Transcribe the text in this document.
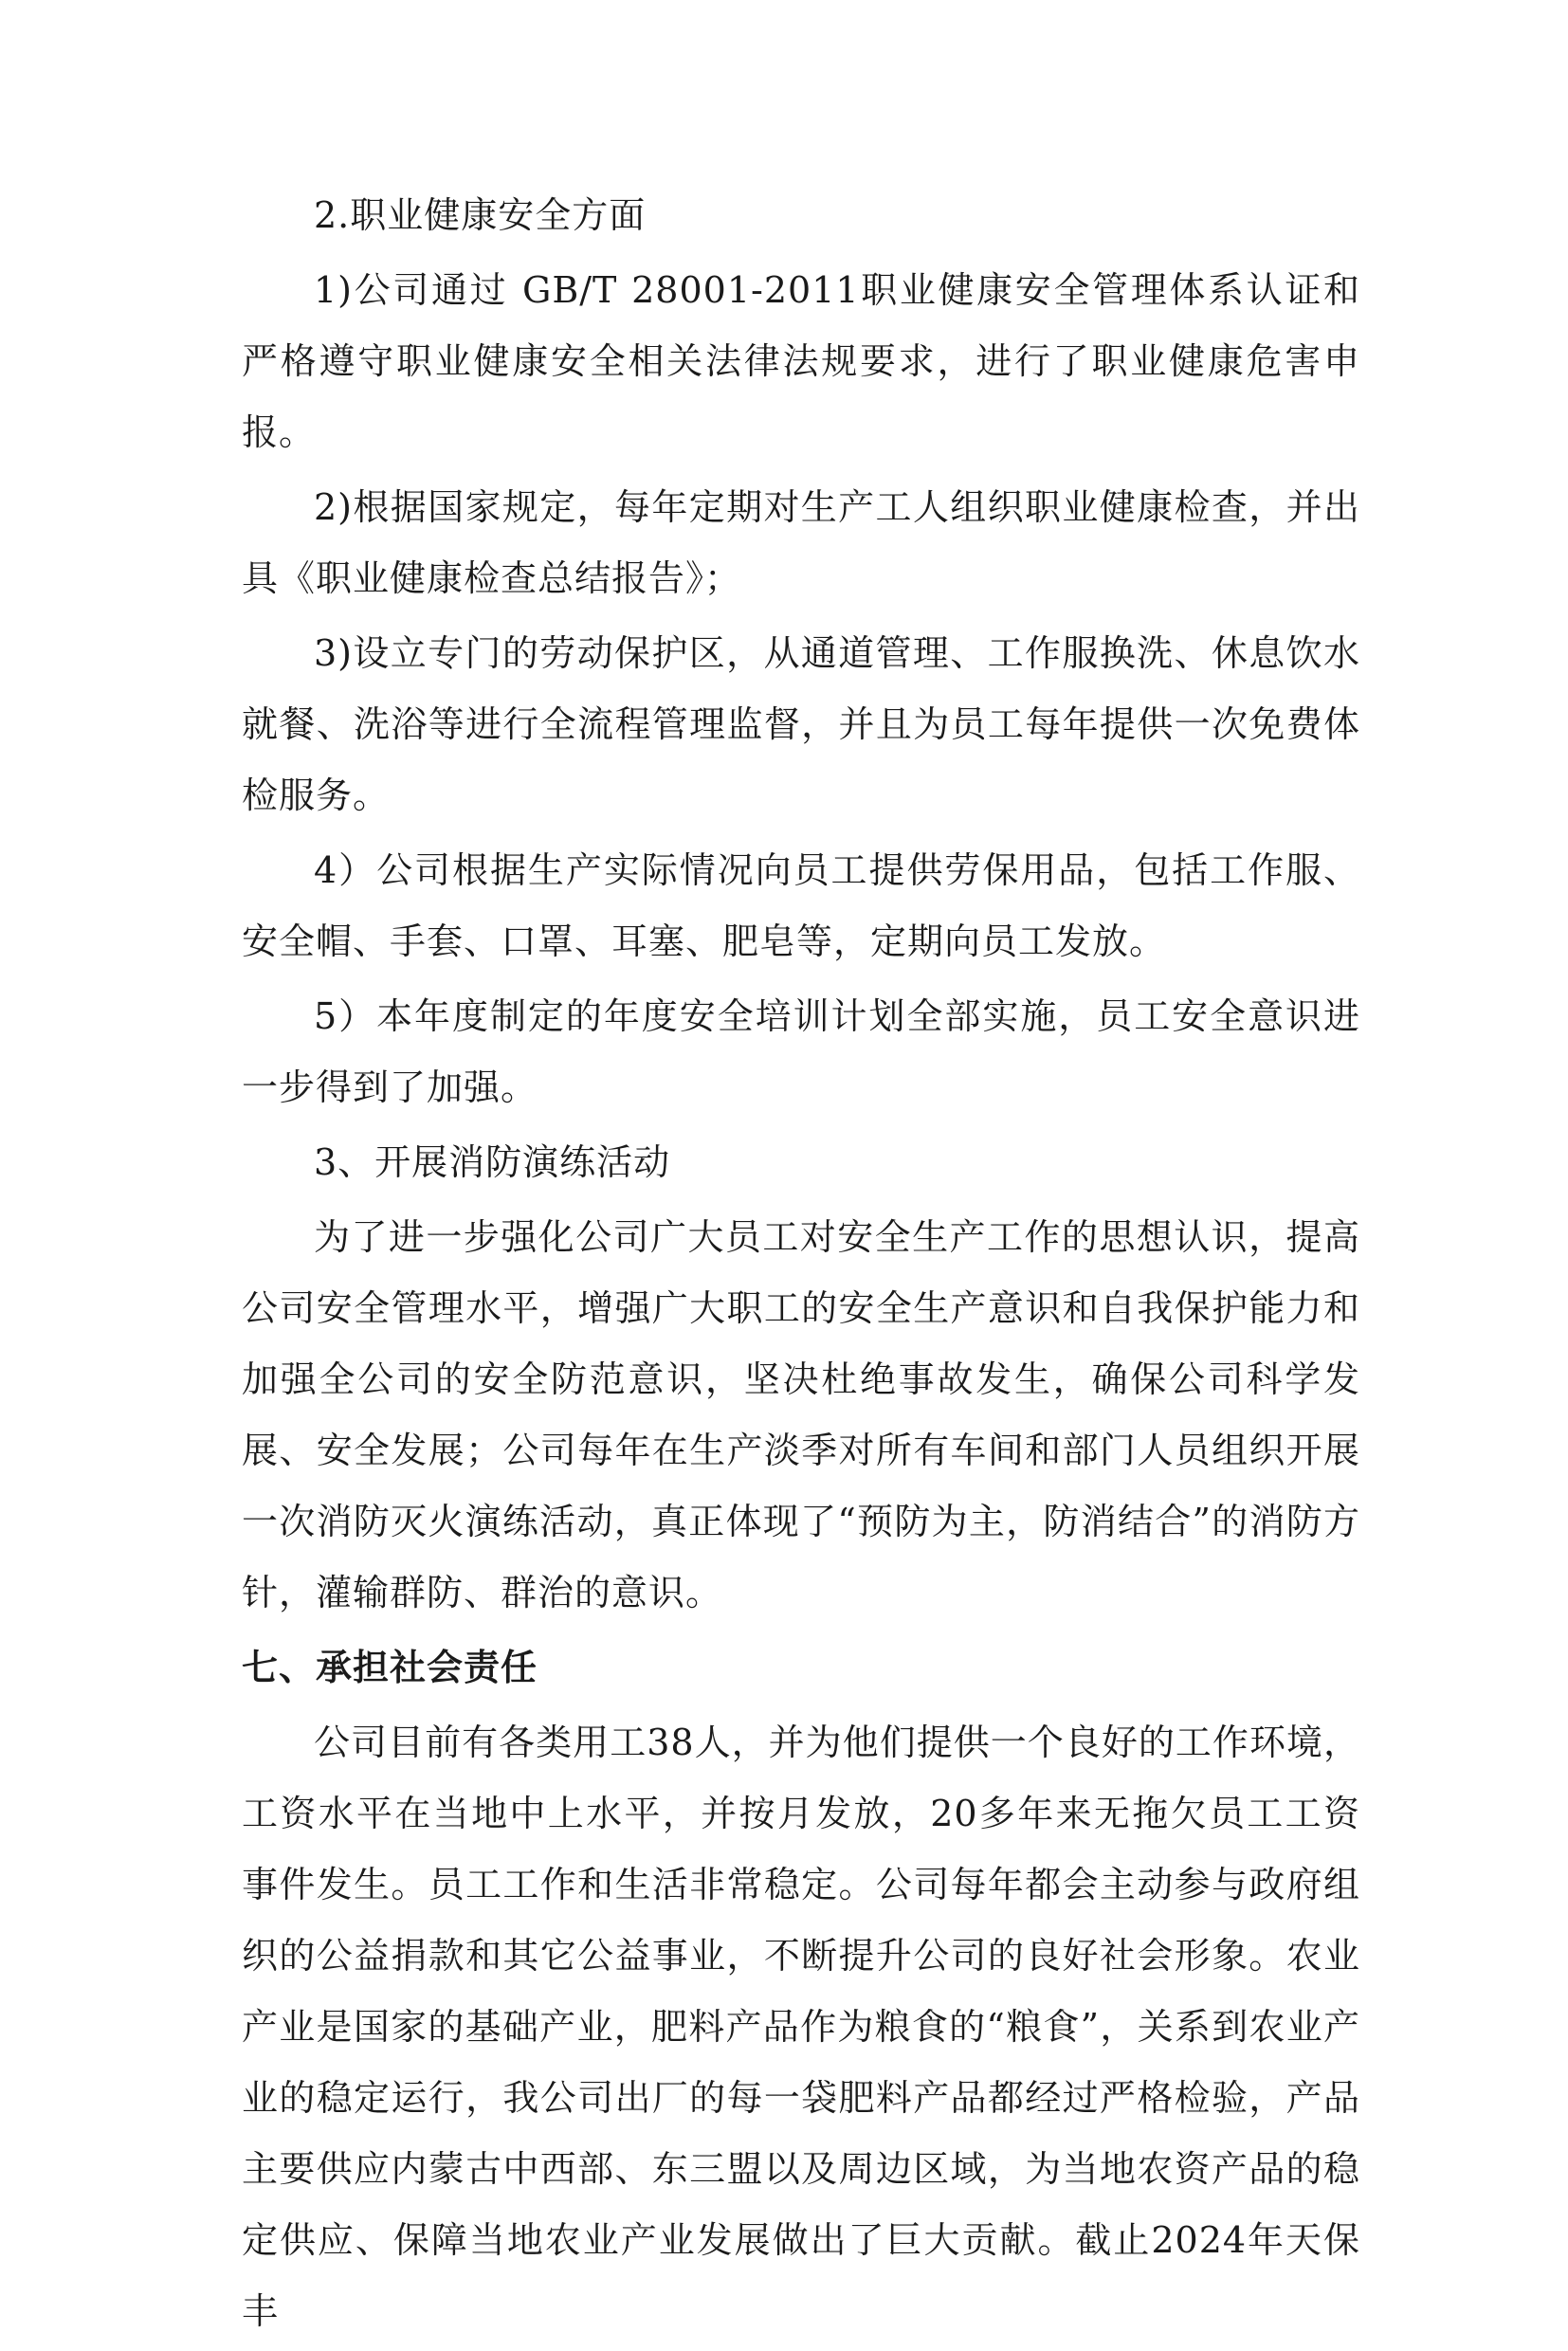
2.职业健康安全方面

1)公司通过 GB/T 28001-2011职业健康安全管理体系认证和严格遵守职业健康安全相关法律法规要求，进行了职业健康危害申报。

2)根据国家规定，每年定期对生产工人组织职业健康检查，并出具《职业健康检查总结报告》；

3)设立专门的劳动保护区，从通道管理、工作服换洗、休息饮水就餐、洗浴等进行全流程管理监督，并且为员工每年提供一次免费体检服务。

4）公司根据生产实际情况向员工提供劳保用品，包括工作服、安全帽、手套、口罩、耳塞、肥皂等，定期向员工发放。

5）本年度制定的年度安全培训计划全部实施，员工安全意识进一步得到了加强。

3、开展消防演练活动

为了进一步强化公司广大员工对安全生产工作的思想认识，提高公司安全管理水平，增强广大职工的安全生产意识和自我保护能力和加强全公司的安全防范意识，坚决杜绝事故发生，确保公司科学发展、安全发展；公司每年在生产淡季对所有车间和部门人员组织开展一次消防灭火演练活动，真正体现了“预防为主，防消结合”的消防方针，灌输群防、群治的意识。

七、承担社会责任

公司目前有各类用工38人，并为他们提供一个良好的工作环境，工资水平在当地中上水平，并按月发放，20多年来无拖欠员工工资事件发生。员工工作和生活非常稳定。公司每年都会主动参与政府组织的公益捐款和其它公益事业，不断提升公司的良好社会形象。农业产业是国家的基础产业，肥料产品作为粮食的“粮食”，关系到农业产业的稳定运行，我公司出厂的每一袋肥料产品都经过严格检验，产品主要供应内蒙古中西部、东三盟以及周边区域，为当地农资产品的稳定供应、保障当地农业产业发展做出了巨大贡献。截止2024年天保丰
